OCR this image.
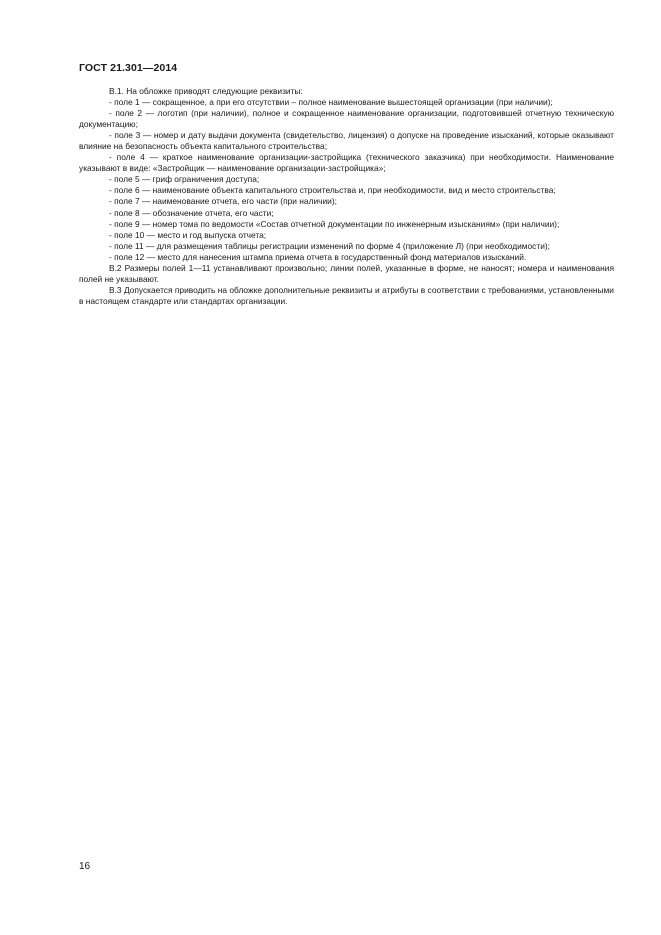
ГОСТ 21.301—2014

В.1. На обложке приводят следующие реквизиты:

- поле 1 — сокращенное, а при его отсутствии – полное наименование вышестоящей организации (при наличии);

- поле 2 — логотип (при наличии), полное и сокращенное наименование организации, подготовившей отчетную техническую документацию;

- поле 3 — номер и дату выдачи документа (свидетельство, лицензия) о допуске на проведение изысканий, которые оказывают влияние на безопасность объекта капитального строительства;

- поле 4 — краткое наименование организации-застройщика (технического заказчика) при необходимости. Наименование указывают в виде: «Застройщик — наименование организации-застройщика»;

- поле 5 — гриф ограничения доступа;

- поле 6 — наименование объекта капитального строительства и, при необходимости, вид и место строительства;

- поле 7 — наименование отчета, его части (при наличии);

- поле 8 — обозначение отчета, его части;

- поле 9 — номер тома по ведомости «Состав отчетной документации по инженерным изысканиям» (при наличии);

- поле 10 — место и год выпуска отчета;

- поле 11 — для размещения таблицы регистрации изменений по форме 4 (приложение Л) (при необходимости);

- поле 12 — место для нанесения штампа приема отчета в государственный фонд материалов изысканий.

В.2 Размеры полей 1—11 устанавливают произвольно; линии полей, указанные в форме, не наносят; номера и наименования полей не указывают.

В.3 Допускается приводить на обложке дополнительные реквизиты и атрибуты в соответствии с требованиями, установленными в настоящем стандарте или стандартах организации.

16
